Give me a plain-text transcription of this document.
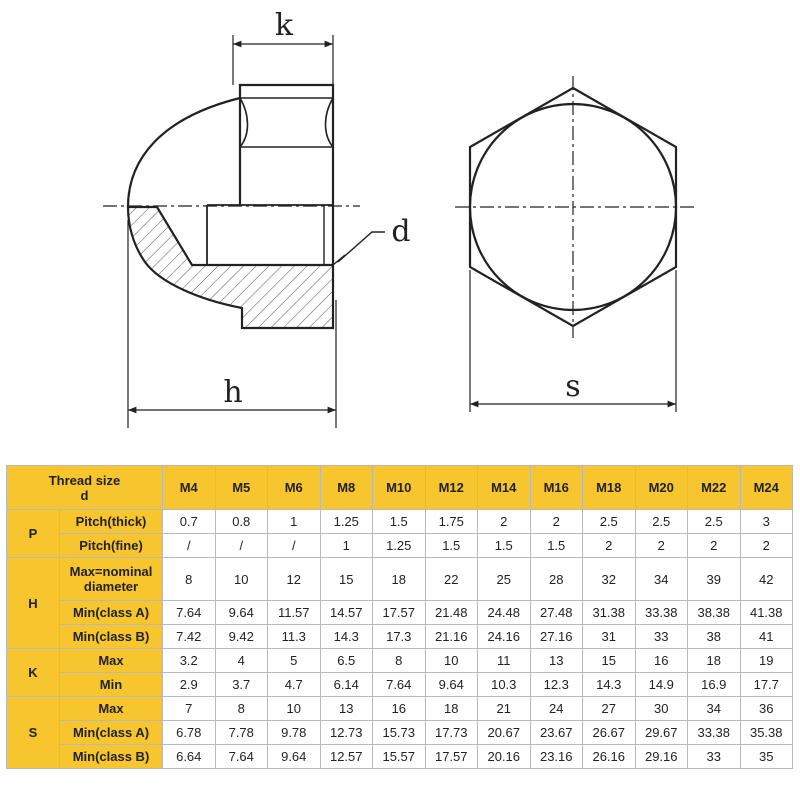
k
d
h	s
Thread size
d		M4	M5	M6	M8	M10	M12	M14	M16	M18	M20	M22	M24
P	Pitch(thick)	0.7	0.8	1	1.25	1.5	1.75	2	2	2.5	2.5	2.5	3
	Pitch(fine)	/	/	/	1	1.25	1.5	1.5	1.5	2	2	2	2
H	Max=nominal
diameter	8	10	12	15	18	22	25	28	32	34	39	42
	Min(class A)	7.64	9.64	11.57	14.57	17.57	21.48	24.48	27.48	31.38	33.38	38.38	41.38
	Min(class B)	7.42	9.42	11.3	14.3	17.3	21.16	24.16	27.16	31	33	38	41
K	Max	3.2	4	5	6.5	8	10	11	13	15	16	18	19
	Min	2.9	3.7	4.7	6.14	7.64	9.64	10.3	12.3	14.3	14.9	16.9	17.7
S	Max	7	8	10	13	16	18	21	24	27	30	34	36
	Min(class A)	6.78	7.78	9.78	12.73	15.73	17.73	20.67	23.67	26.67	29.67	33.38	35.38
	Min(class B)	6.64	7.64	9.64	12.57	15.57	17.57	20.16	23.16	26.16	29.16	33	35
